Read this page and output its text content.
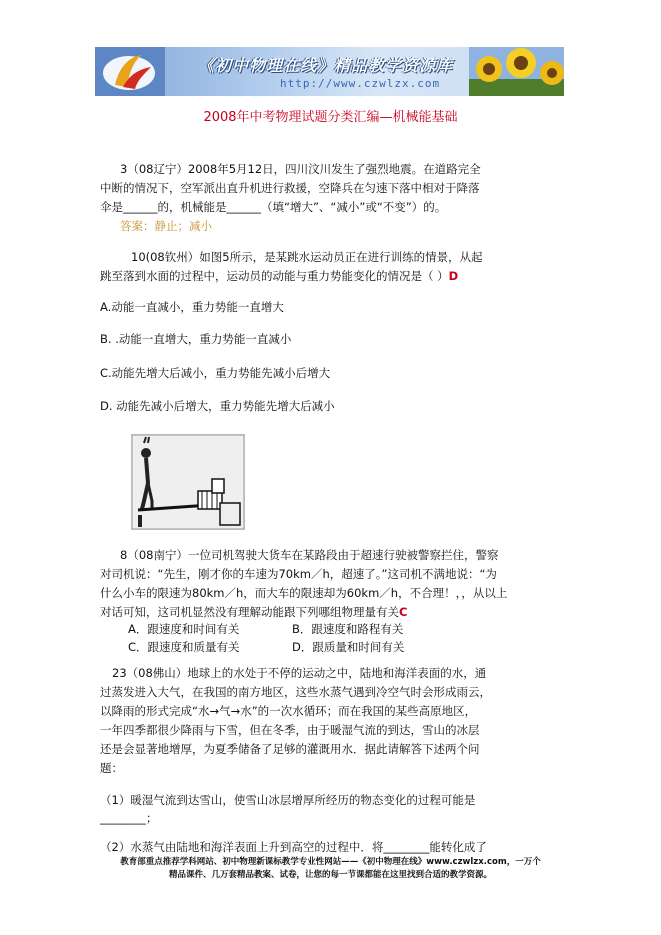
《初中物理在线》精品教学资源库
http://www.czwlzx.com
2008年中考物理试题分类汇编—机械能基础
3（08辽宁）2008年5月12日，四川汶川发生了强烈地震。在道路完全
中断的情况下，空军派出直升机进行救援，空降兵在匀速下落中相对于降落
伞是______的，机械能是______（填“增大”、“减小”或“不变”）的。
答案：静止；减小
10(08钦州）如图5所示，是某跳水运动员正在进行训练的情景，从起
跳至落到水面的过程中，运动员的动能与重力势能变化的情况是（ ）D
A.动能一直减小，重力势能一直增大
B. .动能一直增大，重力势能一直减小
C.动能先增大后减小，重力势能先减小后增大
D. 动能先减小后增大，重力势能先增大后减小
8（08南宁）一位司机驾驶大货车在某路段由于超速行驶被警察拦住，警察
对司机说：“先生，刚才你的车速为70km／h，超速了。”这司机不满地说：“为
什么小车的限速为80km／h，而大车的限速却为60km／h，不合理！，，从以上
对话可知，这司机显然没有理解动能跟下列哪组物理量有关C
A．跟速度和时间有关	B．跟速度和路程有关
C．跟速度和质量有关	D．跟质量和时间有关
23（08佛山）地球上的水处于不停的运动之中，陆地和海洋表面的水，通
过蒸发进入大气，在我国的南方地区，这些水蒸气遇到冷空气时会形成雨云，
以降雨的形式完成“水→气→水”的一次水循环；而在我国的某些高原地区，
一年四季都很少降雨与下雪，但在冬季，由于暖湿气流的到达，雪山的冰层
还是会显著地增厚，为夏季储备了足够的灌溉用水．据此请解答下述两个问
题：
（1）暖湿气流到达雪山，使雪山冰层增厚所经历的物态变化的过程可能是
________；
（2）水蒸气由陆地和海洋表面上升到高空的过程中．将________能转化成了
教育部重点推荐学科网站、初中物理新课标教学专业性网站——《初中物理在线》www.czwlzx.com，一万个
精品课件、几万套精品教案、试卷，让您的每一节课都能在这里找到合适的教学资源。
